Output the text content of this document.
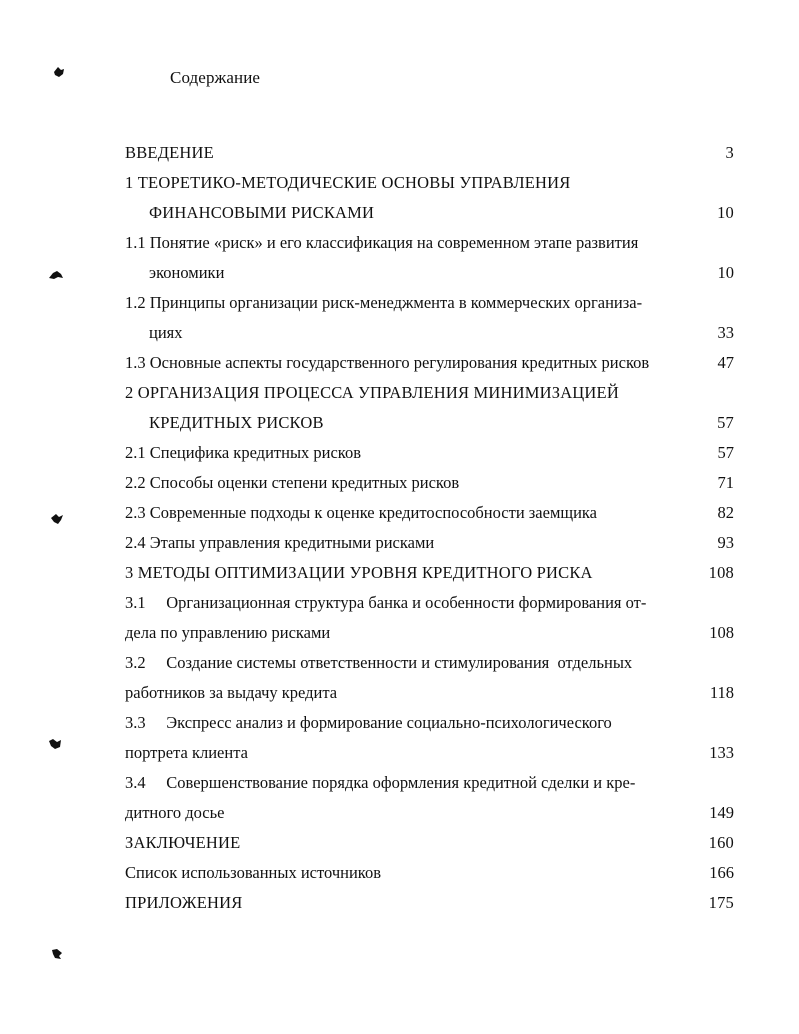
Содержание
ВВЕДЕНИЕ	3
1 ТЕОРЕТИКО-МЕТОДИЧЕСКИЕ ОСНОВЫ УПРАВЛЕНИЯ
ФИНАНСОВЫМИ РИСКАМИ	10
1.1 Понятие «риск» и его классификация на современном этапе развития
экономики	10
1.2 Принципы организации риск-менеджмента в коммерческих организа-
циях	33
1.3 Основные аспекты государственного регулирования кредитных рисков	47
2 ОРГАНИЗАЦИЯ ПРОЦЕССА УПРАВЛЕНИЯ МИНИМИЗАЦИЕЙ
КРЕДИТНЫХ РИСКОВ	57
2.1 Специфика кредитных рисков	57
2.2 Способы оценки степени кредитных рисков	71
2.3 Современные подходы к оценке кредитоспособности заемщика	82
2.4 Этапы управления кредитными рисками	93
3 МЕТОДЫ ОПТИМИЗАЦИИ УРОВНЯ КРЕДИТНОГО РИСКА	108
3.1     Организационная структура банка и особенности формирования от-
дела по управлению рисками	108
3.2     Создание системы ответственности и стимулирования  отдельных
работников за выдачу кредита	118
3.3     Экспресс анализ и формирование социально-психологического
портрета клиента	133
3.4     Совершенствование порядка оформления кредитной сделки и кре-
дитного досье	149
ЗАКЛЮЧЕНИЕ	160
Список использованных источников	166
ПРИЛОЖЕНИЯ	175
